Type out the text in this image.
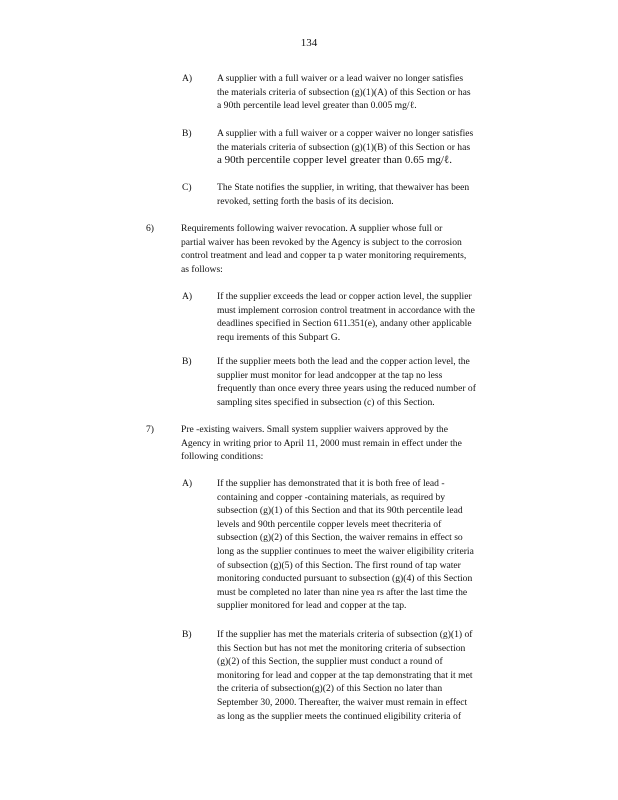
134
A)	A supplier with a full waiver or a lead waiver no longer satisfies
the materials criteria of subsection (g)(1)(A) of this Section or has
a 90th percentile lead level greater than 0.005 mg/ℓ.
B)	A supplier with a full waiver or a copper waiver no longer satisfies
the materials criteria of subsection (g)(1)(B) of this Section or has
a 90th percentile copper level greater than 0.65 mg/ℓ.
C)	The State notifies the supplier, in writing, that thewaiver has been
revoked, setting forth the basis of its decision.
6)	Requirements following waiver revocation. A supplier whose full or
partial waiver has been revoked by the Agency is subject to the corrosion
control treatment and lead and copper ta p water monitoring requirements,
as follows:
A)	If the supplier exceeds the lead or copper action level, the supplier
must implement corrosion control treatment in accordance with the
deadlines specified in Section 611.351(e), andany other applicable
requ irements of this Subpart G.
B)	If the supplier meets both the lead and the copper action level, the
supplier must monitor for lead andcopper at the tap no less
frequently than once every three years using the reduced number of
sampling sites specified in subsection (c) of this Section.
7)	Pre -existing waivers. Small system supplier waivers approved by the
Agency in writing prior to April 11, 2000 must remain in effect under the
following conditions:
A)	If the supplier has demonstrated that it is both free of lead -
containing and copper -containing materials, as required by
subsection (g)(1) of this Section and that its 90th percentile lead
levels and 90th percentile copper levels meet thecriteria of
subsection (g)(2) of this Section, the waiver remains in effect so
long as the supplier continues to meet the waiver eligibility criteria
of subsection (g)(5) of this Section. The first round of tap water
monitoring conducted pursuant to subsection (g)(4) of this Section
must be completed no later than nine yea rs after the last time the
supplier monitored for lead and copper at the tap.
B)	If the supplier has met the materials criteria of subsection (g)(1) of
this Section but has not met the monitoring criteria of subsection
(g)(2) of this Section, the supplier must conduct a round of
monitoring for lead and copper at the tap demonstrating that it met
the criteria of subsection(g)(2) of this Section no later than
September 30, 2000. Thereafter, the waiver must remain in effect
as long as the supplier meets the continued eligibility criteria of
